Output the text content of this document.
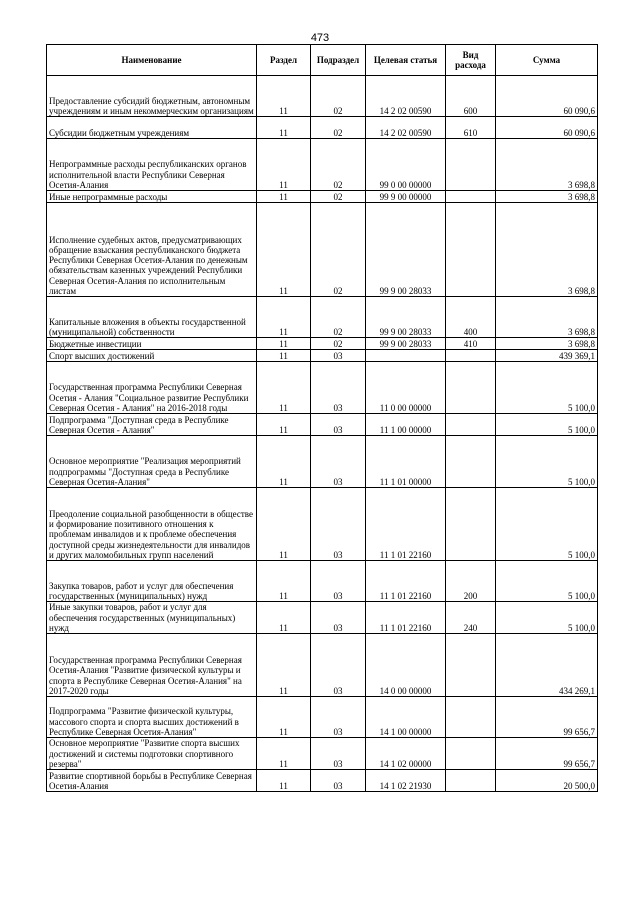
473
Наименование	Раздел	Подраздел	Целевая статья	Вид расхода	Сумма
Предоставление субсидий бюджетным, автономным учреждениям и иным некоммерческим организациям	11	02	14 2 02 00590	600	60 090,6
Субсидии бюджетным учреждениям	11	02	14 2 02 00590	610	60 090,6
Непрограммные расходы республиканских органов исполнительной власти Республики Северная Осетия-Алания	11	02	99 0 00 00000		3 698,8
Иные непрограммные расходы	11	02	99 9 00 00000		3 698,8
Исполнение судебных актов, предусматривающих обращение взыскания республиканского бюджета Республики Северная Осетия-Алания по денежным обязательствам казенных учреждений Республики Северная Осетия-Алания по исполнительным листам	11	02	99 9 00 28033		3 698,8
Капитальные вложения в объекты государственной (муниципальной) собственности	11	02	99 9 00 28033	400	3 698,8
Бюджетные инвестиции	11	02	99 9 00 28033	410	3 698,8
Спорт высших достижений	11	03			439 369,1
Государственная программа Республики Северная Осетия - Алания "Социальное развитие Республики Северная Осетия - Алания" на 2016-2018 годы	11	03	11 0 00 00000		5 100,0
Подпрограмма "Доступная среда в Республике Северная Осетия - Алания"	11	03	11 1 00 00000		5 100,0
Основное мероприятие "Реализация мероприятий подпрограммы "Доступная среда в Республике Северная Осетия-Алания"	11	03	11 1 01 00000		5 100,0
Преодоление социальной разобщенности в обществе и формирование позитивного отношения к проблемам инвалидов и к проблеме обеспечения доступной среды жизнедеятельности для инвалидов и других маломобильных групп населений	11	03	11 1 01 22160		5 100,0
Закупка товаров, работ и услуг для обеспечения государственных (муниципальных) нужд	11	03	11 1 01 22160	200	5 100,0
Иные закупки товаров, работ и услуг для обеспечения государственных (муниципальных) нужд	11	03	11 1 01 22160	240	5 100,0
Государственная программа Республики Северная Осетия-Алания "Развитие физической культуры и спорта в Республике Северная Осетия-Алания" на 2017-2020 годы	11	03	14 0 00 00000		434 269,1
Подпрограмма "Развитие физической культуры, массового спорта и спорта высших достижений в Республике Северная Осетия-Алания"	11	03	14 1 00 00000		99 656,7
Основное мероприятие "Развитие спорта высших достижений и системы подготовки спортивного резерва"	11	03	14 1 02 00000		99 656,7
Развитие спортивной борьбы в Республике Северная Осетия-Алания	11	03	14 1 02 21930		20 500,0
